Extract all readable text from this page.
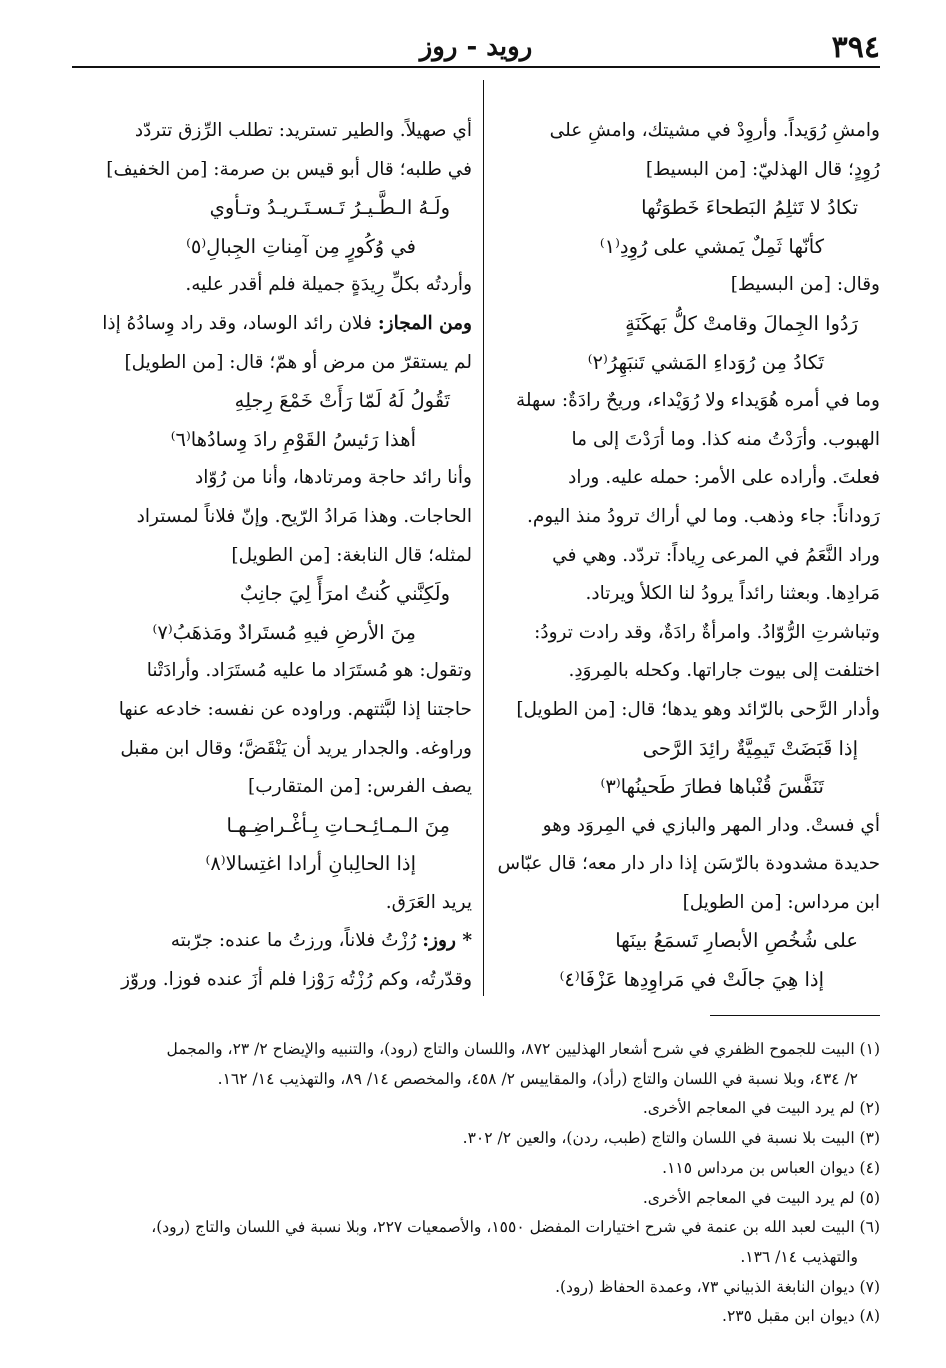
٣٩٤
روید - روز
وامشِ رُوَيداً. وأروِدْ في مشيتك، وامشِ على
رُوِدٍ؛ قال الهذليّ: [من البسيط]
تكادُ لا تَثلِمُ البَطحاءَ خَطوَتُها
كأنّها ثَمِلٌ يَمشي على رُوِدِ⁽١⁾
وقال: [من البسيط]
رَدُوا الجِمالَ وقامتْ كلُّ بَهكَنَةٍ
تَكادُ مِن رُوَداءِ المَشي تَنبَهِرُ⁽٢⁾
وما في أمره هُوَيداء ولا رُوَيْداء، وريحٌ رادَةٌ: سهلة
الهبوب. وأرَدْتُ منه كذا. وما أرَدْتَ إلى ما
فعلتَ. وأراده على الأمر: حمله عليه. وراد
رَوداناً: جاء وذهب. وما لي أراك ترودُ منذ اليوم.
وراد النَّعَمُ في المرعى رِياداً: تردّد. وهي في
مَرادِها. وبعثنا رائداً يرودُ لنا الكلأ ويرتاد.
وتباشرتِ الرُّوّادُ. وامرأةٌ رادَةٌ، وقد رادت ترودُ:
اختلفت إلى بيوت جاراتها. وكحله بالمِروَدِ.
وأدار الرَّحى بالرّائد وهو يدها؛ قال: [من الطويل]
إذا قَبَضَتْ تَيمِيَّةٌ رائِدَ الرَّحى
تَنَفَّسَ قُنْباها فطارَ طَحينُها⁽٣⁾
أي فستْ. ودار المهر والبازي في المِروَد وهو
حديدة مشدودة بالرّسَن إذا دار دار معه؛ قال عبّاس
ابن مرداس: [من الطويل]
على شُخُصِ الأبصارِ تَسمَعُ بينَها
إذا هِيَ جالَتْ في مَراوِدِها عَزْفَا⁽٤⁾
أي صهيلاً. والطير تستريد: تطلب الرِّزق تتردّد
في طلبه؛ قال أبو قيس بن صرمة: [من الخفيف]
ولَـهُ الـطَّـيـرُ تَـسـتَـريـدُ وتـأوي
في وُكُورٍ مِن آمِناتِ الجِبالِ⁽٥⁾
وأردتُه بكلِّ رِيدَةٍ جميلة فلم أقدر عليه.
ومن المجاز: فلان رائد الوساد، وقد راد وِسادُهُ إذا
لم يستقرّ من مرض أو همّ؛ قال: [من الطويل]
تَقُولُ لَهُ لَمّا رَأَتْ خَمْعَ رِجلِهِ
أهذا رَئيسُ القَوْمِ رادَ وِسادُها⁽٦⁾
وأنا رائد حاجة ومرتادها، وأنا من رُوّاد
الحاجات. وهذا مَرادُ الرّيح. وإنّ فلاناً لمستراد
لمثله؛ قال النابغة: [من الطويل]
ولَكِنَّني كُنتُ امرَأً لِيَ جانِبٌ
مِنَ الأرضِ فيهِ مُستَرادٌ ومَذهَبُ⁽٧⁾
وتقول: هو مُستَرَاد ما عليه مُستَرَاد. وأرادَتْنا
حاجتنا إذا لبَّثتهم. وراوده عن نفسه: خادعه عنها
وراوغه. والجدار يريد أن يَنْقَضَّ؛ وقال ابن مقبل
يصف الفرس: [من المتقارب]
مِنَ الـمـائِـحـاتِ بِـأغْـراضِـهـا
إذا الحالِبانِ أرادا اغتِسالا⁽٨⁾
يريد العَرَق.
* روز: رُزْتُ فلاناً، ورزتُ ما عنده: جرّبته
وقدّرتُه، وكم رُزْتُه رَوْزا فلم أزَ عنده فوزا. وروّز
(١) البيت للجموح الظفري في شرح أشعار الهذليين ٨٧٢، واللسان والتاج (رود)، والتنبيه والإيضاح ٢/ ٢٣، والمجمل
٢/ ٤٣٤، وبلا نسبة في اللسان والتاج (رأد)، والمقاييس ٢/ ٤٥٨، والمخصص ١٤/ ٨٩، والتهذيب ١٤/ ١٦٢.
(٢) لم يرد البيت في المعاجم الأخرى.
(٣) البيت بلا نسبة في اللسان والتاج (طبب، ردن)، والعين ٢/ ٣٠٢.
(٤) ديوان العباس بن مرداس ١١٥.
(٥) لم يرد البيت في المعاجم الأخرى.
(٦) البيت لعبد الله بن عنمة في شرح اختيارات المفضل ١٥٥٠، والأصمعيات ٢٢٧، وبلا نسبة في اللسان والتاج (رود)،
والتهذيب ١٤/ ١٣٦.
(٧) ديوان النابغة الذبياني ٧٣، وعمدة الحفاظ (رود).
(٨) ديوان ابن مقبل ٢٣٥.
